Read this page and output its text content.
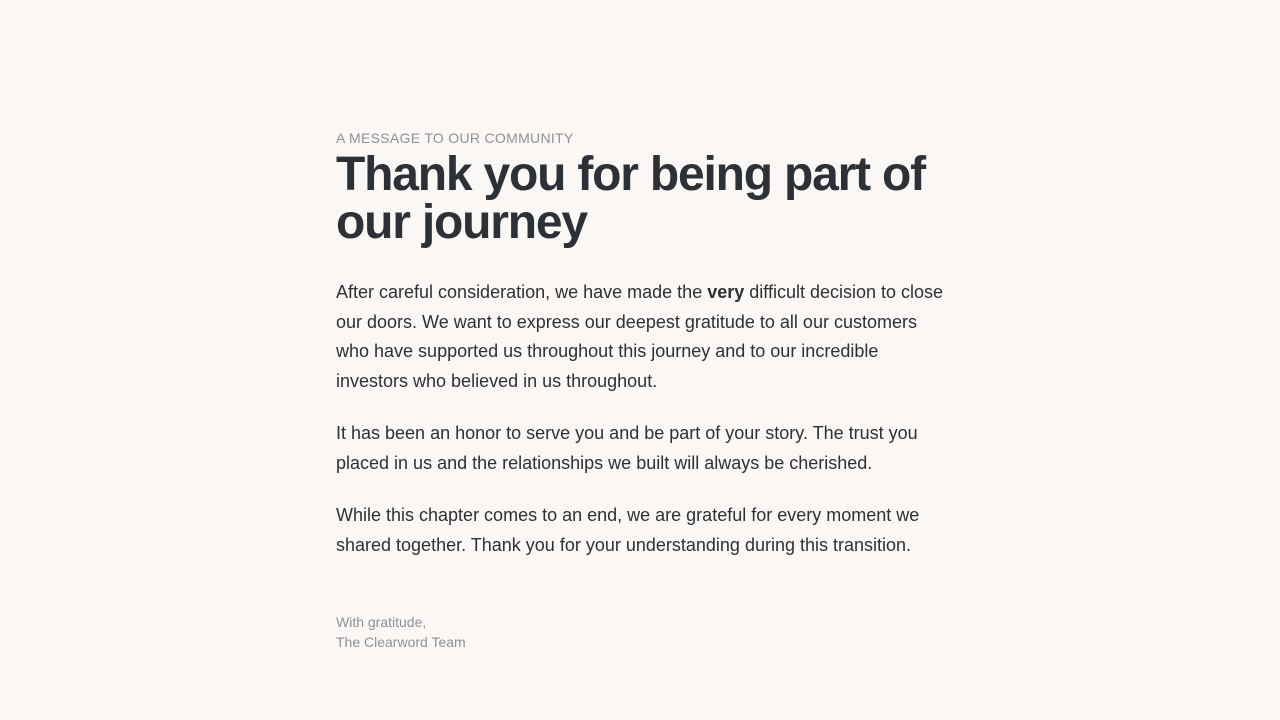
A MESSAGE TO OUR COMMUNITY
Thank you for being part of our journey

After careful consideration, we have made the very difficult decision to close our doors. We want to express our deepest gratitude to all our customers who have supported us throughout this journey and to our incredible investors who believed in us throughout.

It has been an honor to serve you and be part of your story. The trust you placed in us and the relationships we built will always be cherished.

While this chapter comes to an end, we are grateful for every moment we shared together. Thank you for your understanding during this transition.

With gratitude,
The Clearword Team
